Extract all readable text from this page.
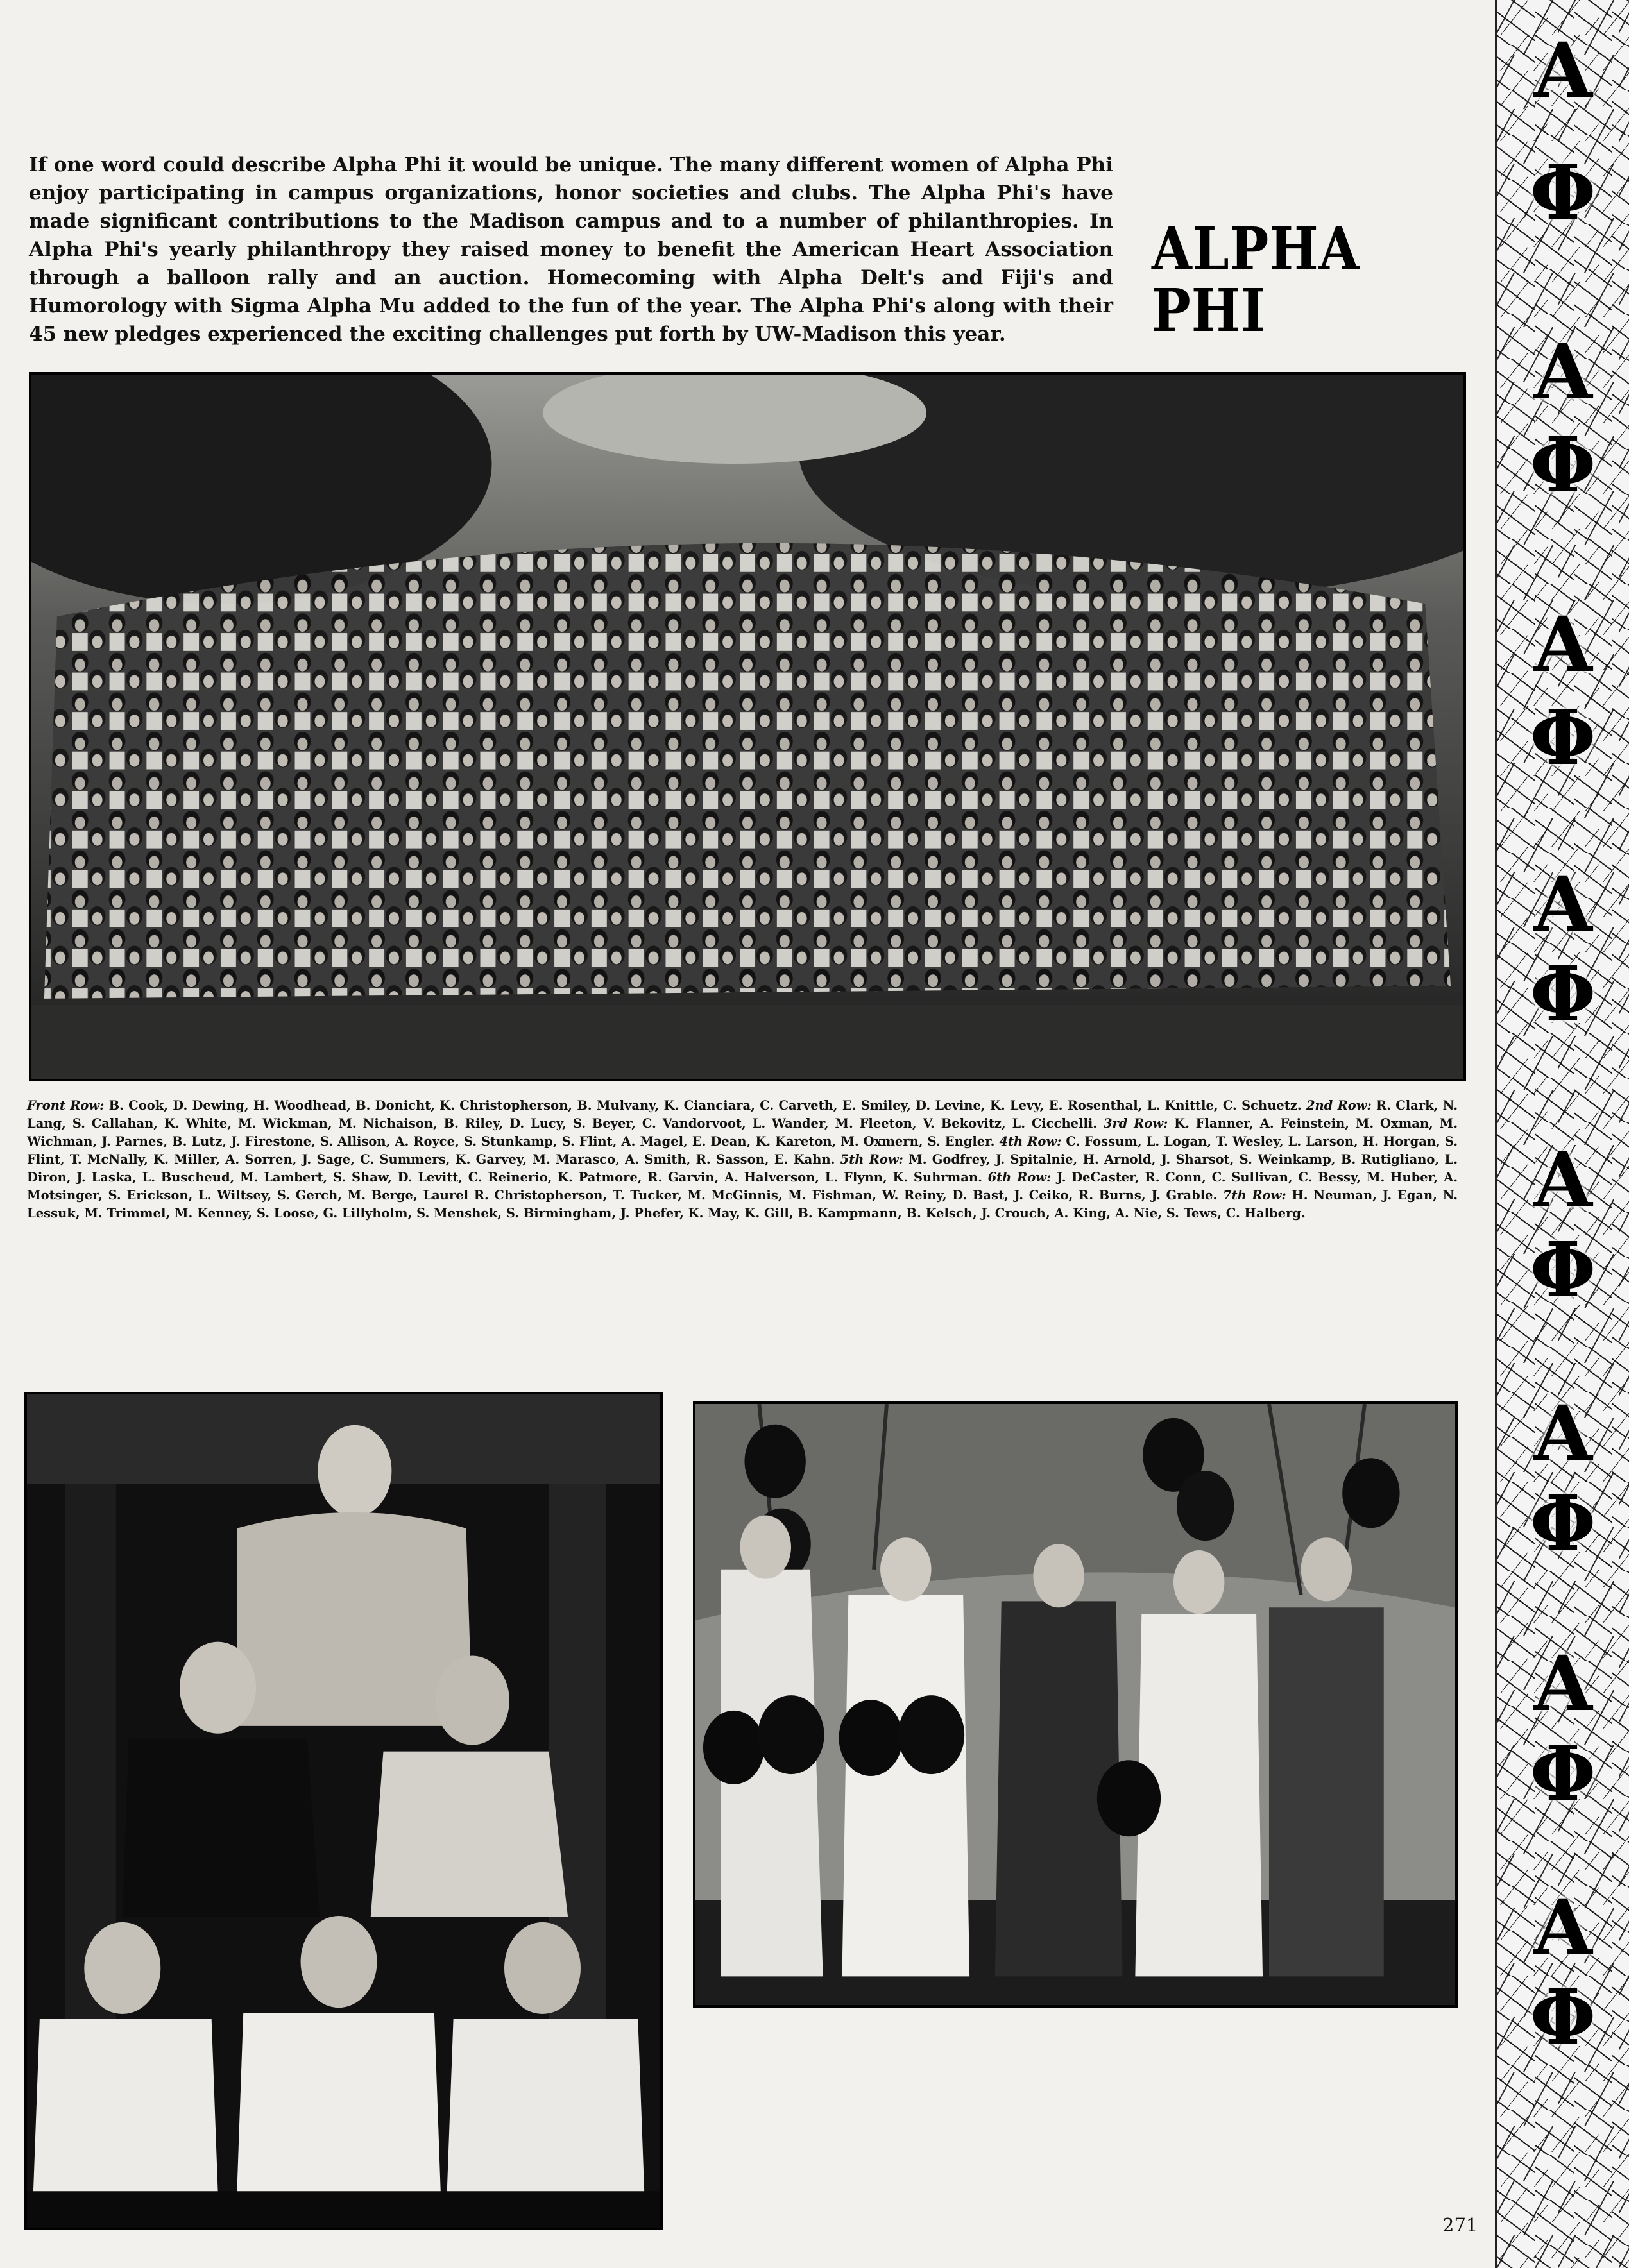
If one word could describe Alpha Phi it would be unique. The many different women of Alpha Phi enjoy participating in campus organizations, honor societies and clubs. The Alpha Phi's have made significant contributions to the Madison campus and to a number of philanthropies. In Alpha Phi's yearly philanthropy they raised money to benefit the American Heart Association through a balloon rally and an auction. Homecoming with Alpha Delt's and Fiji's and Humorology with Sigma Alpha Mu added to the fun of the year. The Alpha Phi's along with their 45 new pledges experienced the exciting challenges put forth by UW-Madison this year.
ALPHA
PHI
Front Row: B. Cook, D. Dewing, H. Woodhead, B. Donicht, K. Christopherson, B. Mulvany, K. Cianciara, C. Carveth, E. Smiley, D. Levine, K. Levy, E. Rosenthal, L. Knittle, C. Schuetz. 2nd Row: R. Clark, N. Lang, S. Callahan, K. White, M. Wickman, M. Nichaison, B. Riley, D. Lucy, S. Beyer, C. Vandorvoot, L. Wander, M. Fleeton, V. Bekovitz, L. Cicchelli. 3rd Row: K. Flanner, A. Feinstein, M. Oxman, M. Wichman, J. Parnes, B. Lutz, J. Firestone, S. Allison, A. Royce, S. Stunkamp, S. Flint, A. Magel, E. Dean, K. Kareton, M. Oxmern, S. Engler. 4th Row: C. Fossum, L. Logan, T. Wesley, L. Larson, H. Horgan, S. Flint, T. McNally, K. Miller, A. Sorren, J. Sage, C. Summers, K. Garvey, M. Marasco, A. Smith, R. Sasson, E. Kahn. 5th Row: M. Godfrey, J. Spitalnie, H. Arnold, J. Sharsot, S. Weinkamp, B. Rutigliano, L. Diron, J. Laska, L. Buscheud, M. Lambert, S. Shaw, D. Levitt, C. Reinerio, K. Patmore, R. Garvin, A. Halverson, L. Flynn, K. Suhrman. 6th Row: J. DeCaster, R. Conn, C. Sullivan, C. Bessy, M. Huber, A. Motsinger, S. Erickson, L. Wiltsey, S. Gerch, M. Berge, Laurel R. Christopherson, T. Tucker, M. McGinnis, M. Fishman, W. Reiny, D. Bast, J. Ceiko, R. Burns, J. Grable. 7th Row: H. Neuman, J. Egan, N. Lessuk, M. Trimmel, M. Kenney, S. Loose, G. Lillyholm, S. Menshek, S. Birmingham, J. Phefer, K. May, K. Gill, B. Kampmann, B. Kelsch, J. Crouch, A. King, A. Nie, S. Tews, C. Halberg.
271
Α
Φ
Α
Φ
Α
Φ
Α
Φ
Α
Φ
Α
Φ
Α
Φ
Α
Φ
